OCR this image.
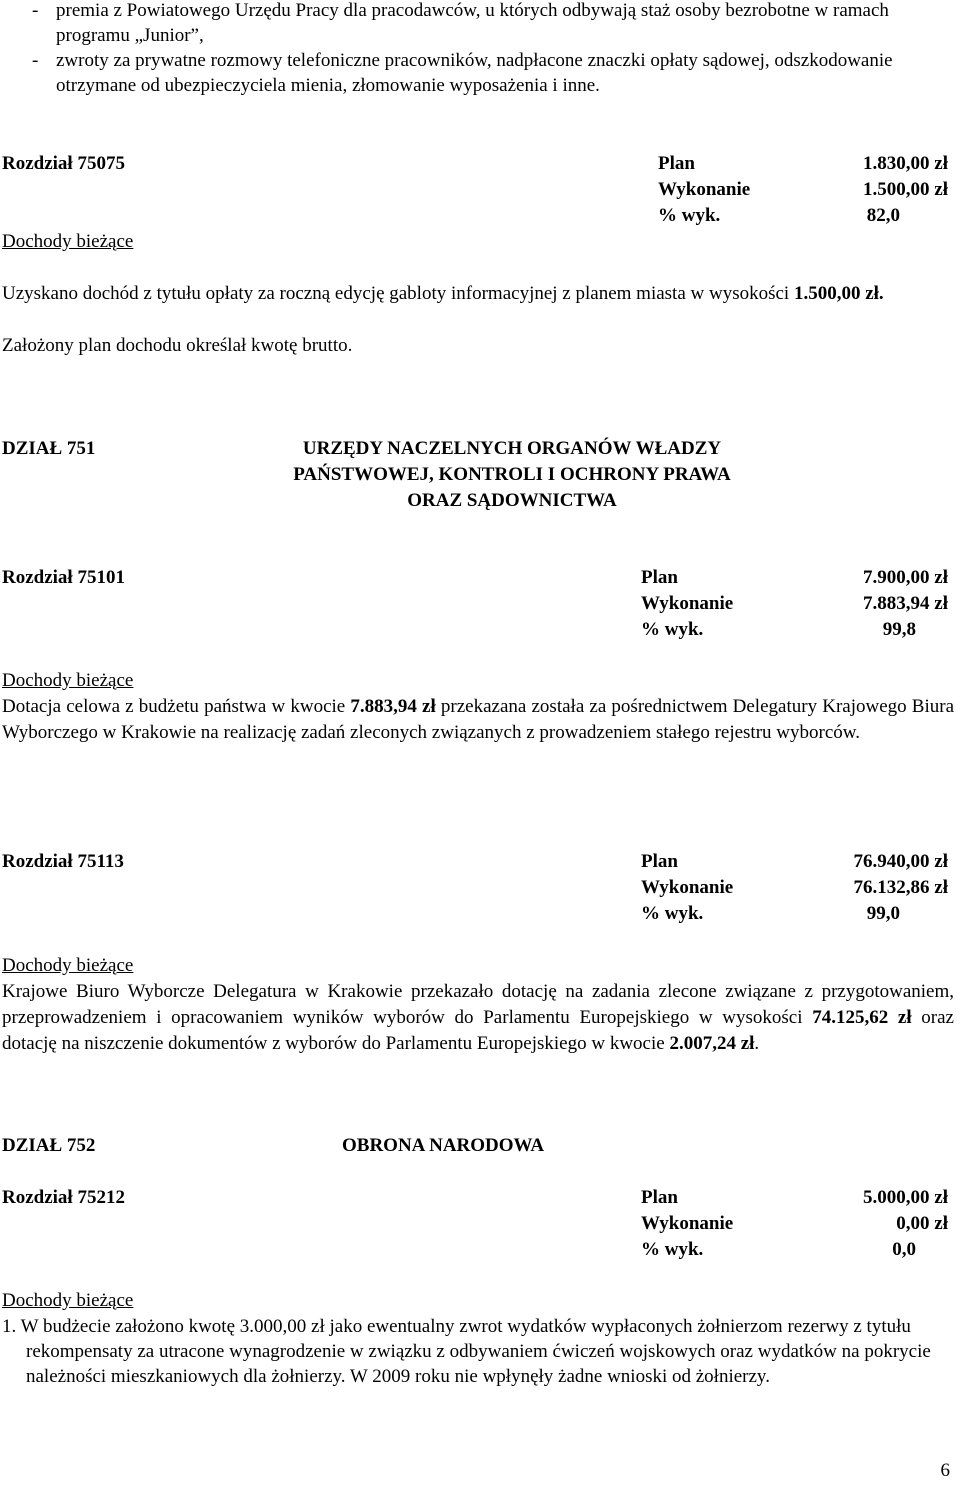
- premia z Powiatowego Urzędu Pracy dla pracodawców, u których odbywają staż osoby bezrobotne w ramach programu „Junior”,
- zwroty za prywatne rozmowy telefoniczne pracowników, nadpłacone znaczki opłaty sądowej, odszkodowanie otrzymane od ubezpieczyciela mienia, złomowanie wyposażenia i inne.
Rozdział 75075	Plan	1.830,00 zł
Wykonanie	1.500,00 zł
% wyk.	82,0
Dochody bieżące
Uzyskano dochód z tytułu opłaty za roczną edycję gabloty informacyjnej z planem miasta w wysokości 1.500,00 zł.
Założony plan dochodu określał kwotę brutto.
DZIAŁ 751	URZĘDY NACZELNYCH ORGANÓW WŁADZY
PAŃSTWOWEJ, KONTROLI I OCHRONY PRAWA
ORAZ SĄDOWNICTWA
Rozdział 75101	Plan	7.900,00 zł
Wykonanie	7.883,94 zł
% wyk.	99,8
Dochody bieżące
Dotacja celowa z budżetu państwa w kwocie 7.883,94 zł przekazana została za pośrednictwem Delegatury Krajowego Biura Wyborczego w Krakowie na realizację zadań zleconych związanych z prowadzeniem stałego rejestru wyborców.
Rozdział 75113	Plan	76.940,00 zł
Wykonanie	76.132,86 zł
% wyk.	99,0
Dochody bieżące
Krajowe Biuro Wyborcze Delegatura w Krakowie przekazało dotację na zadania zlecone związane z przygotowaniem, przeprowadzeniem i opracowaniem wyników wyborów do Parlamentu Europejskiego w wysokości 74.125,62 zł oraz dotację na niszczenie dokumentów z wyborów do Parlamentu Europejskiego w kwocie 2.007,24 zł.
DZIAŁ 752	OBRONA NARODOWA
Rozdział 75212	Plan	5.000,00 zł
Wykonanie	0,00 zł
% wyk.	0,0
Dochody bieżące
1. W budżecie założono kwotę 3.000,00 zł jako ewentualny zwrot wydatków wypłaconych żołnierzom rezerwy z tytułu rekompensaty za utracone wynagrodzenie w związku z odbywaniem ćwiczeń wojskowych oraz wydatków na pokrycie należności mieszkaniowych dla żołnierzy. W 2009 roku nie wpłynęły żadne wnioski od żołnierzy.
6
